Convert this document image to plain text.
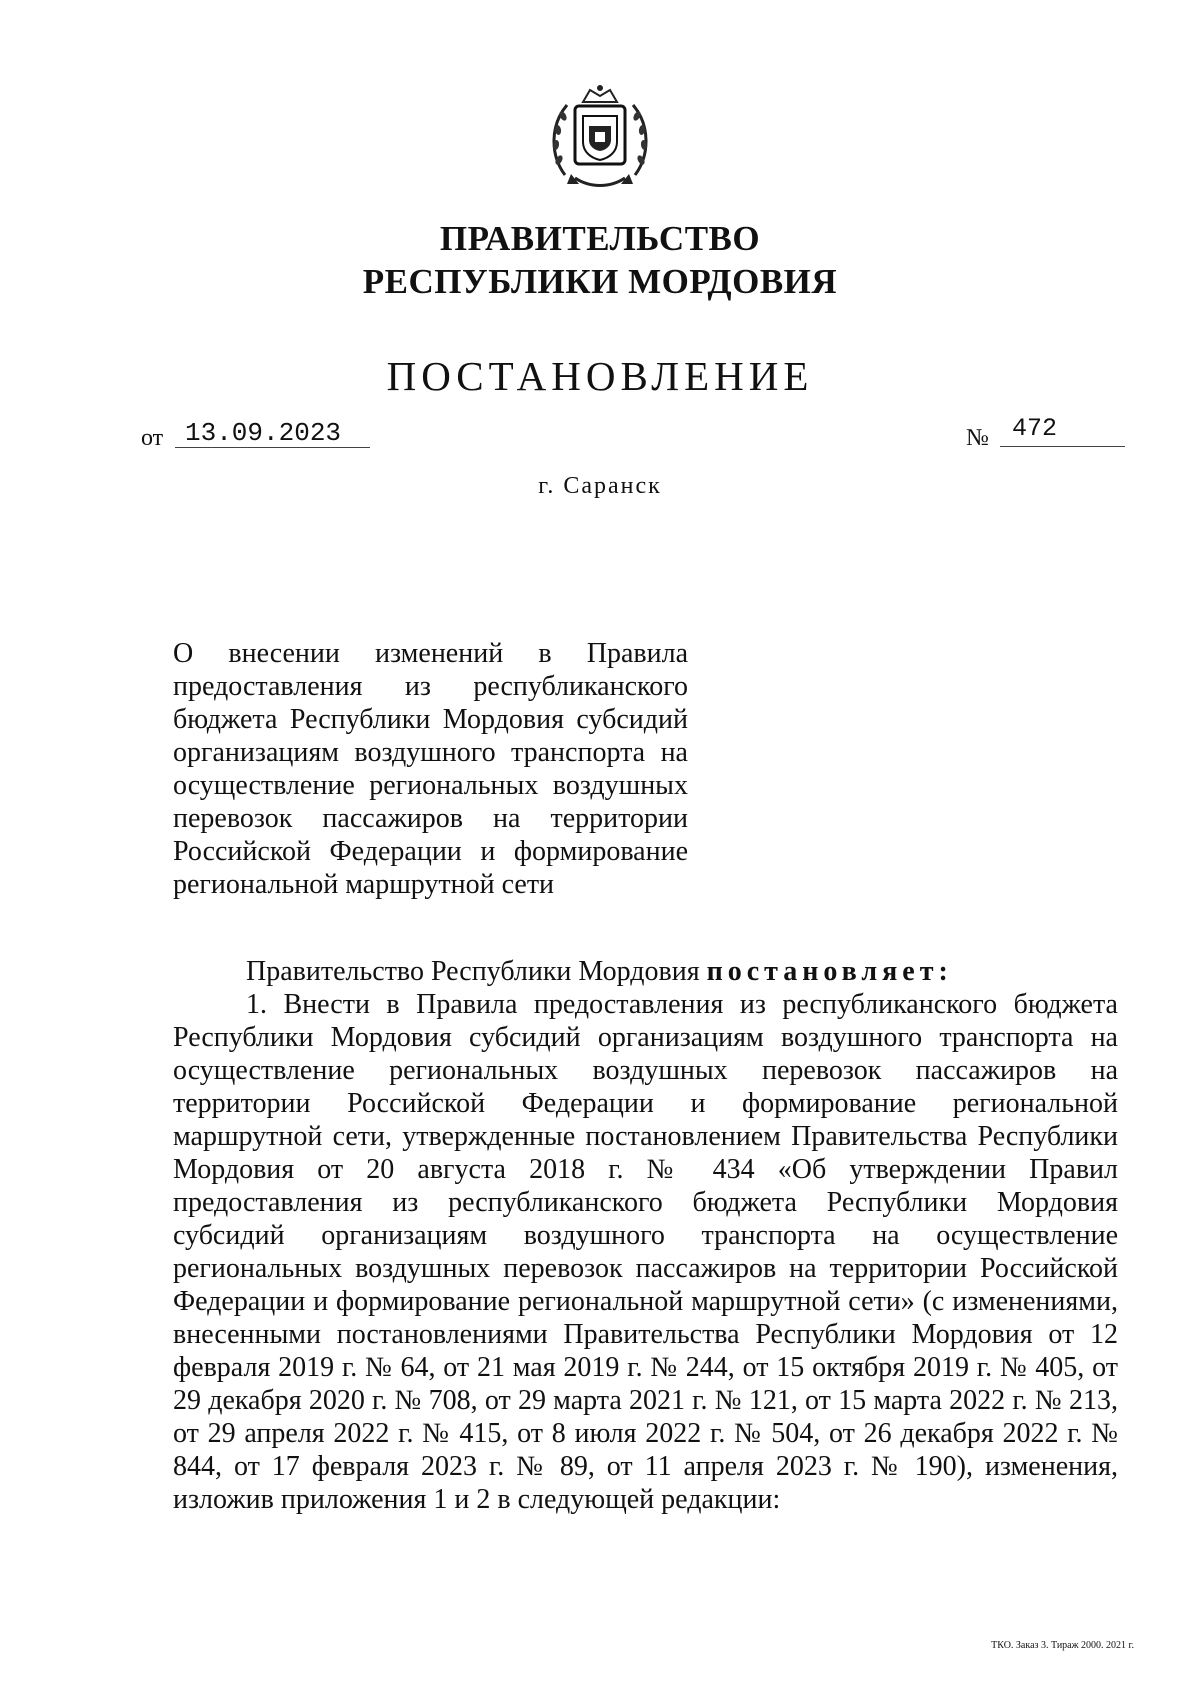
ПРАВИТЕЛЬСТВО
РЕСПУБЛИКИ МОРДОВИЯ
ПОСТАНОВЛЕНИЕ
от 13.09.2023	№ 472
г. Саранск
О внесении изменений в Правила предоставления из республиканского бюджета Республики Мордовия субсидий организациям воздушного транспорта на осуществление региональных воздушных перевозок пассажиров на территории Российской Федерации и формирование региональной маршрутной сети

Правительство Республики Мордовия постановляет:

1. Внести в Правила предоставления из республиканского бюджета Республики Мордовия субсидий организациям воздушного транспорта на осуществление региональных воздушных перевозок пассажиров на территории Российской Федерации и формирование региональной маршрутной сети, утвержденные постановлением Правительства Республики Мордовия от 20 августа 2018 г. № 434 «Об утверждении Правил предоставления из республиканского бюджета Республики Мордовия субсидий организациям воздушного транспорта на осуществление региональных воздушных перевозок пассажиров на территории Российской Федерации и формирование региональной маршрутной сети» (с изменениями, внесенными постановлениями Правительства Республики Мордовия от 12 февраля 2019 г. № 64, от 21 мая 2019 г. № 244, от 15 октября 2019 г. № 405, от 29 декабря 2020 г. № 708, от 29 марта 2021 г. № 121, от 15 марта 2022 г. № 213, от 29 апреля 2022 г. № 415, от 8 июля 2022 г. № 504, от 26 декабря 2022 г. № 844, от 17 февраля 2023 г. № 89, от 11 апреля 2023 г. № 190), изменения, изложив приложения 1 и 2 в следующей редакции:

ТКО. Заказ 3. Тираж 2000. 2021 г.
